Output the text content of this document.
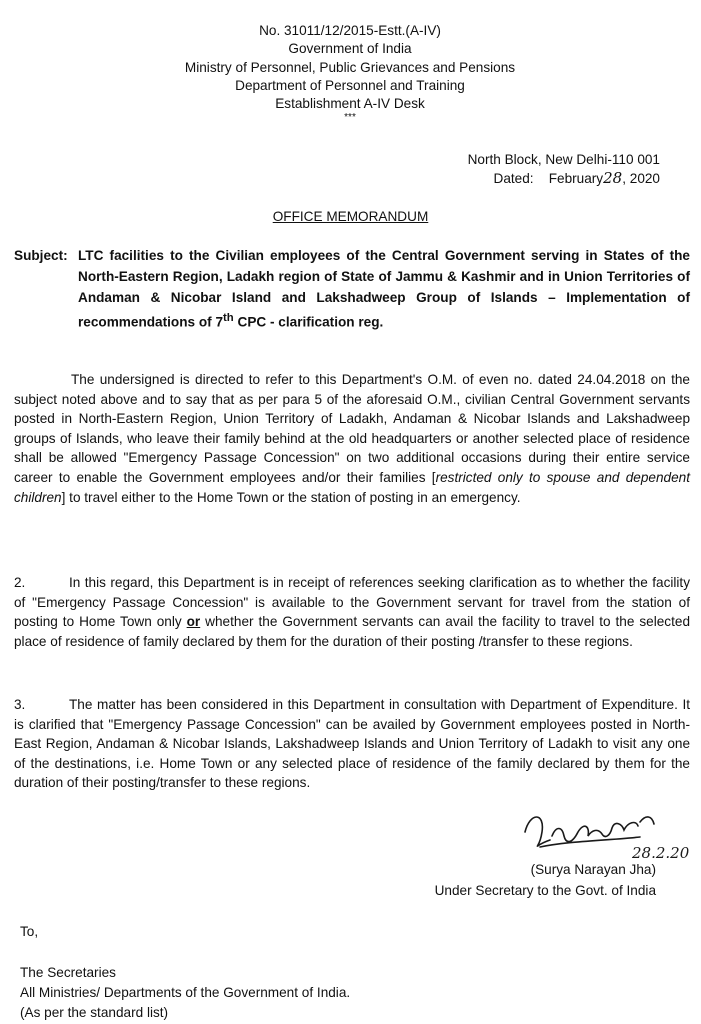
No. 31011/12/2015-Estt.(A-IV)
Government of India
Ministry of Personnel, Public Grievances and Pensions
Department of Personnel and Training
Establishment A-IV Desk
***
North Block, New Delhi-110 001
Dated: February28, 2020
OFFICE MEMORANDUM
Subject: LTC facilities to the Civilian employees of the Central Government serving in States of the North-Eastern Region, Ladakh region of State of Jammu & Kashmir and in Union Territories of Andaman & Nicobar Island and Lakshadweep Group of Islands – Implementation of recommendations of 7th CPC - clarification reg.
The undersigned is directed to refer to this Department's O.M. of even no. dated 24.04.2018 on the subject noted above and to say that as per para 5 of the aforesaid O.M., civilian Central Government servants posted in North-Eastern Region, Union Territory of Ladakh, Andaman & Nicobar Islands and Lakshadweep groups of Islands, who leave their family behind at the old headquarters or another selected place of residence shall be allowed "Emergency Passage Concession" on two additional occasions during their entire service career to enable the Government employees and/or their families [restricted only to spouse and dependent children] to travel either to the Home Town or the station of posting in an emergency.
2.	In this regard, this Department is in receipt of references seeking clarification as to whether the facility of "Emergency Passage Concession" is available to the Government servant for travel from the station of posting to Home Town only or whether the Government servants can avail the facility to travel to the selected place of residence of family declared by them for the duration of their posting /transfer to these regions.
3.	The matter has been considered in this Department in consultation with Department of Expenditure. It is clarified that "Emergency Passage Concession" can be availed by Government employees posted in North-East Region, Andaman & Nicobar Islands, Lakshadweep Islands and Union Territory of Ladakh to visit any one of the destinations, i.e. Home Town or any selected place of residence of the family declared by them for the duration of their posting/transfer to these regions.
28.2.20
(Surya Narayan Jha)
Under Secretary to the Govt. of India
To,
The Secretaries
All Ministries/ Departments of the Government of India.
(As per the standard list)
